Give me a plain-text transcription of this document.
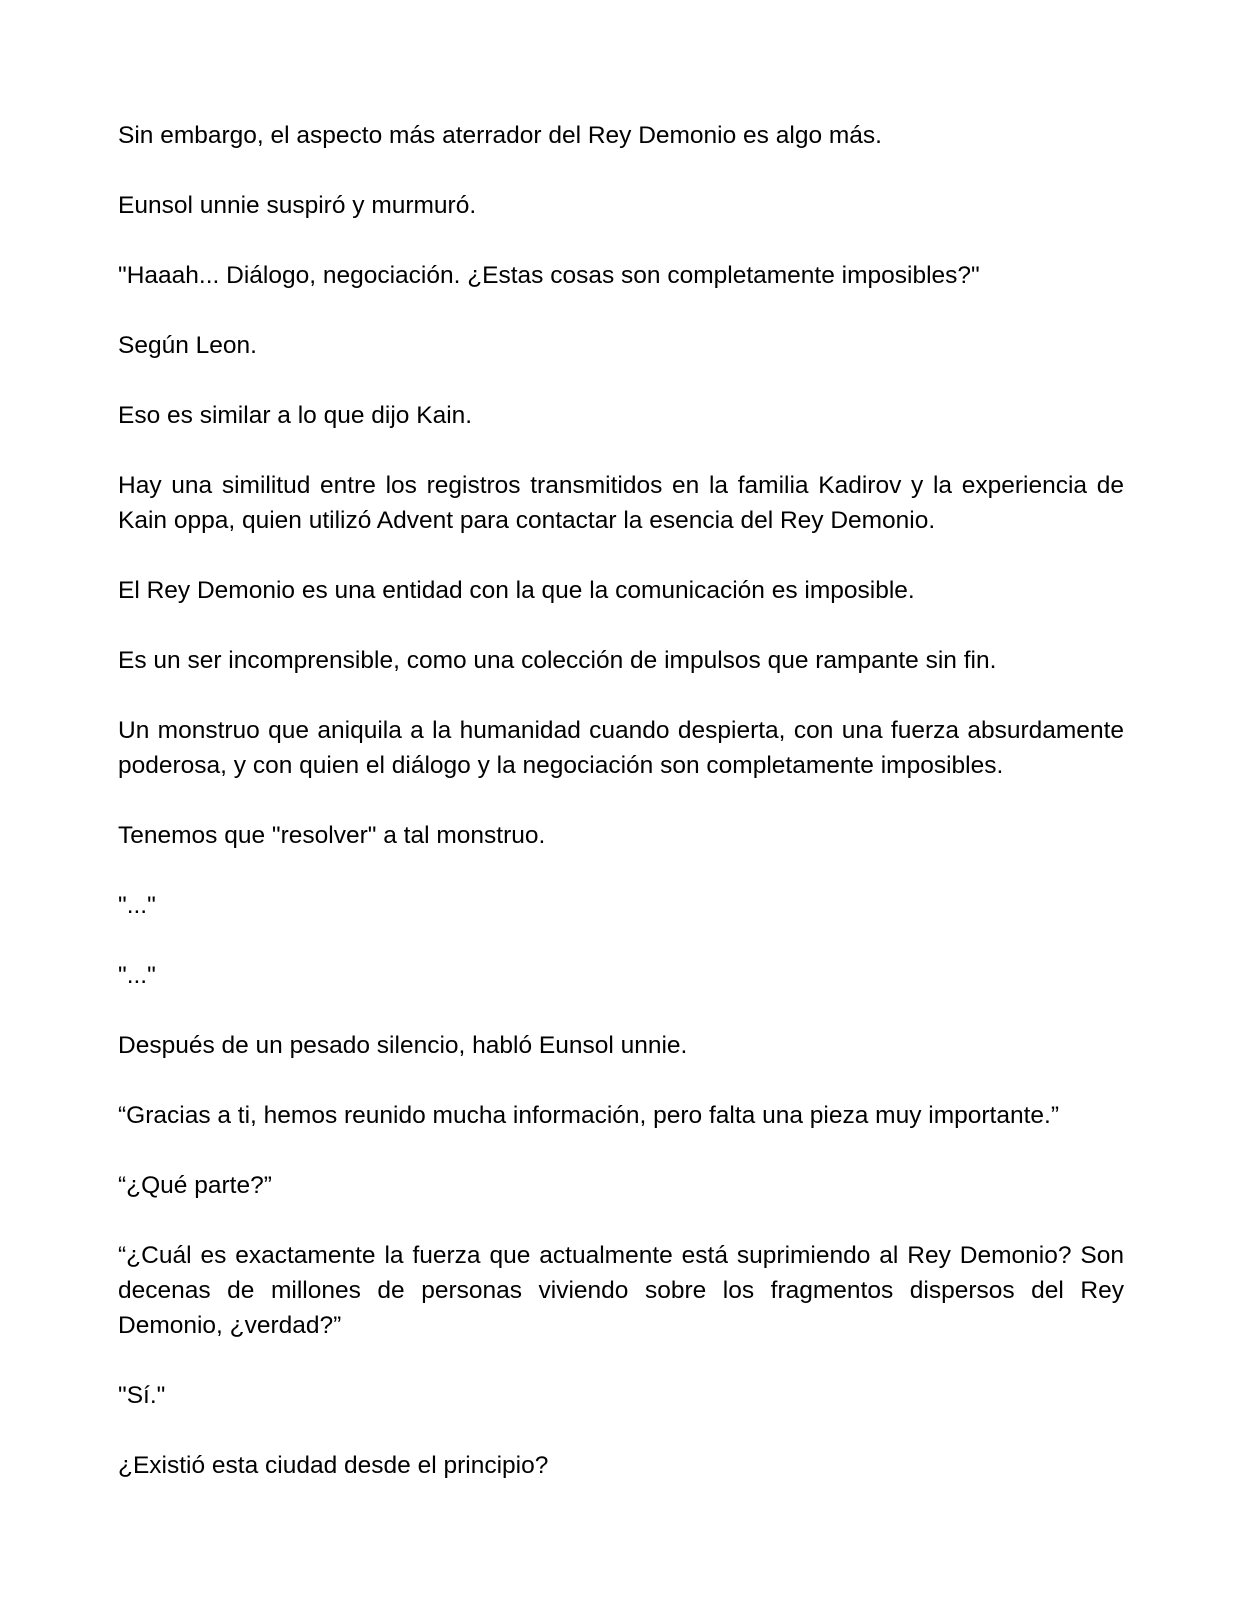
Sin embargo, el aspecto más aterrador del Rey Demonio es algo más.

Eunsol unnie suspiró y murmuró.

"Haaah... Diálogo, negociación. ¿Estas cosas son completamente imposibles?"

Según Leon.

Eso es similar a lo que dijo Kain.

Hay una similitud entre los registros transmitidos en la familia Kadirov y la experiencia de Kain oppa, quien utilizó Advent para contactar la esencia del Rey Demonio.

El Rey Demonio es una entidad con la que la comunicación es imposible.

Es un ser incomprensible, como una colección de impulsos que rampante sin fin.

Un monstruo que aniquila a la humanidad cuando despierta, con una fuerza absurdamente poderosa, y con quien el diálogo y la negociación son completamente imposibles.

Tenemos que "resolver" a tal monstruo.

"..."

"..."

Después de un pesado silencio, habló Eunsol unnie.

“Gracias a ti, hemos reunido mucha información, pero falta una pieza muy importante.”

“¿Qué parte?”

“¿Cuál es exactamente la fuerza que actualmente está suprimiendo al Rey Demonio? Son decenas de millones de personas viviendo sobre los fragmentos dispersos del Rey Demonio, ¿verdad?”

"Sí."

¿Existió esta ciudad desde el principio?
